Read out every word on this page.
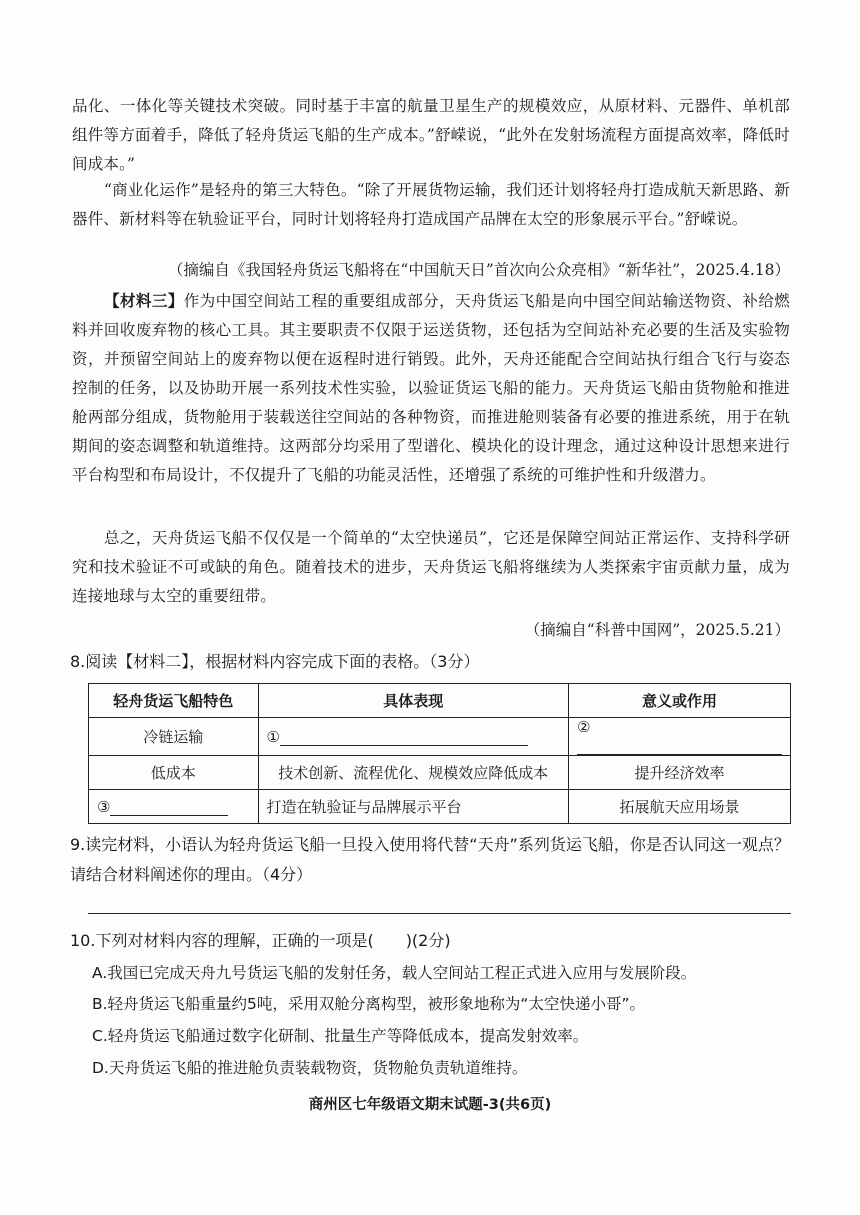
品化、一体化等关键技术突破。同时基于丰富的航量卫星生产的规模效应，从原材料、元器件、单机部组件等方面着手，降低了轻舟货运飞船的生产成本。”舒嵘说，“此外在发射场流程方面提高效率，降低时间成本。”

“商业化运作”是轻舟的第三大特色。“除了开展货物运输，我们还计划将轻舟打造成航天新思路、新器件、新材料等在轨验证平台，同时计划将轻舟打造成国产品牌在太空的形象展示平台。”舒嵘说。

（摘编自《我国轻舟货运飞船将在“中国航天日”首次向公众亮相》“新华社”，2025.4.18）

【材料三】作为中国空间站工程的重要组成部分，天舟货运飞船是向中国空间站输送物资、补给燃料并回收废弃物的核心工具。其主要职责不仅限于运送货物，还包括为空间站补充必要的生活及实验物资，并预留空间站上的废弃物以便在返程时进行销毁。此外，天舟还能配合空间站执行组合飞行与姿态控制的任务，以及协助开展一系列技术性实验，以验证货运飞船的能力。天舟货运飞船由货物舱和推进舱两部分组成，货物舱用于装载送往空间站的各种物资，而推进舱则装备有必要的推进系统，用于在轨期间的姿态调整和轨道维持。这两部分均采用了型谱化、模块化的设计理念，通过这种设计思想来进行平台构型和布局设计，不仅提升了飞船的功能灵活性，还增强了系统的可维护性和升级潜力。

总之，天舟货运飞船不仅仅是一个简单的“太空快递员”，它还是保障空间站正常运作、支持科学研究和技术验证不可或缺的角色。随着技术的进步，天舟货运飞船将继续为人类探索宇宙贡献力量，成为连接地球与太空的重要纽带。

（摘编自“科普中国网”，2025.5.21）

8.阅读【材料二】，根据材料内容完成下面的表格。（3分）

轻舟货运飞船特色	具体表现	意义或作用
冷链运输	①	②
低成本	技术创新、流程优化、规模效应降低成本	提升经济效率
③	打造在轨验证与品牌展示平台	拓展航天应用场景

9.读完材料，小语认为轻舟货运飞船一旦投入使用将代替“天舟”系列货运飞船，你是否认同这一观点？请结合材料阐述你的理由。（4分）

10.下列对材料内容的理解，正确的一项是(　　)(2分)

A.我国已完成天舟九号货运飞船的发射任务，载人空间站工程正式进入应用与发展阶段。
B.轻舟货运飞船重量约5吨，采用双舱分离构型，被形象地称为“太空快递小哥”。
C.轻舟货运飞船通过数字化研制、批量生产等降低成本，提高发射效率。
D.天舟货运飞船的推进舱负责装载物资，货物舱负责轨道维持。
商州区七年级语文期末试题-3(共6页)
